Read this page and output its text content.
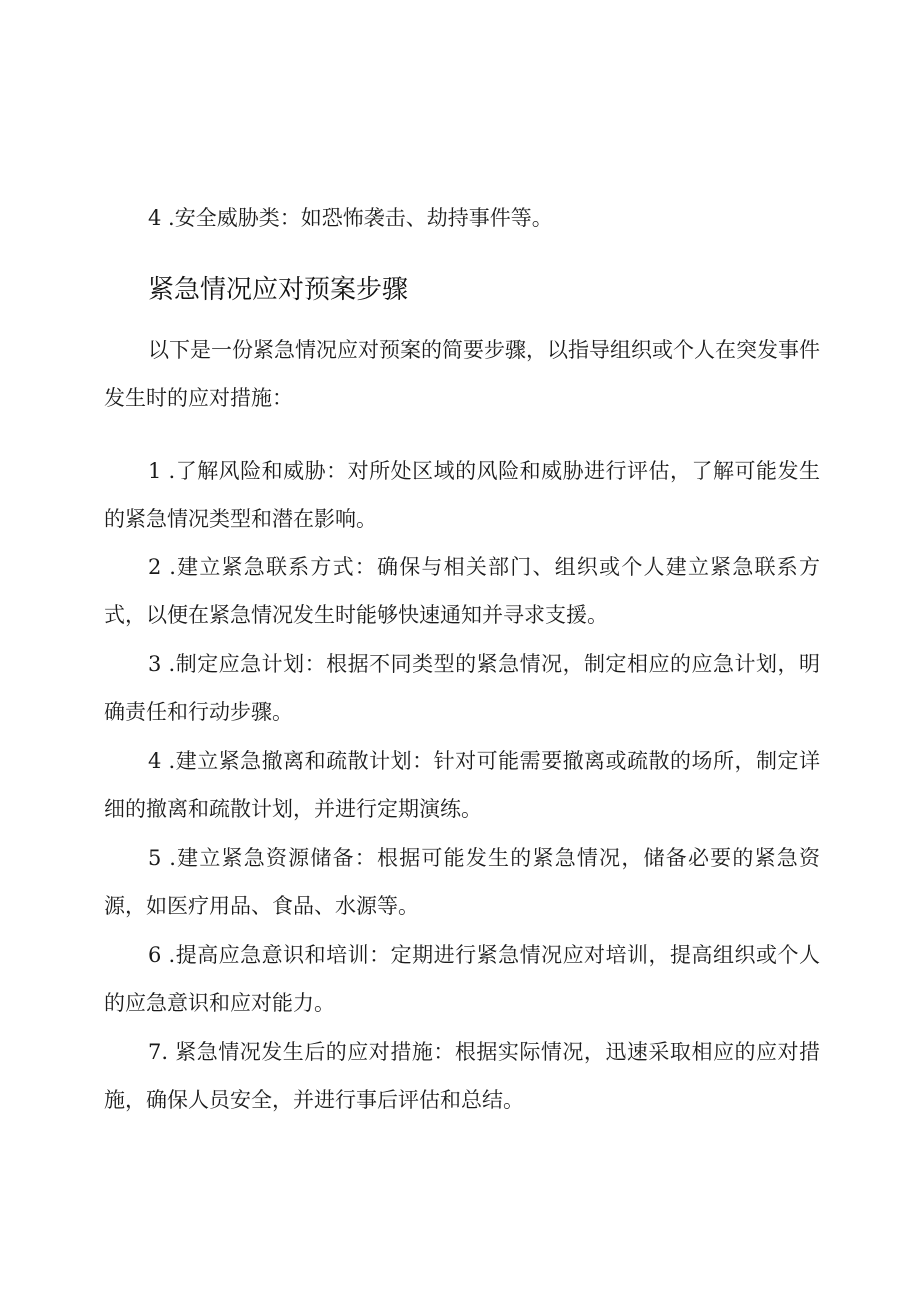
4 .安全威胁类：如恐怖袭击、劫持事件等。

紧急情况应对预案步骤

以下是一份紧急情况应对预案的简要步骤，以指导组织或个人在突发事件发生时的应对措施：

1 .了解风险和威胁：对所处区域的风险和威胁进行评估，了解可能发生的紧急情况类型和潜在影响。

2 .建立紧急联系方式：确保与相关部门、组织或个人建立紧急联系方式，以便在紧急情况发生时能够快速通知并寻求支援。

3 .制定应急计划：根据不同类型的紧急情况，制定相应的应急计划，明确责任和行动步骤。

4 .建立紧急撤离和疏散计划：针对可能需要撤离或疏散的场所，制定详细的撤离和疏散计划，并进行定期演练。

5 .建立紧急资源储备：根据可能发生的紧急情况，储备必要的紧急资源，如医疗用品、食品、水源等。

6 .提高应急意识和培训：定期进行紧急情况应对培训，提高组织或个人的应急意识和应对能力。

7. 紧急情况发生后的应对措施：根据实际情况，迅速采取相应的应对措施，确保人员安全，并进行事后评估和总结。
